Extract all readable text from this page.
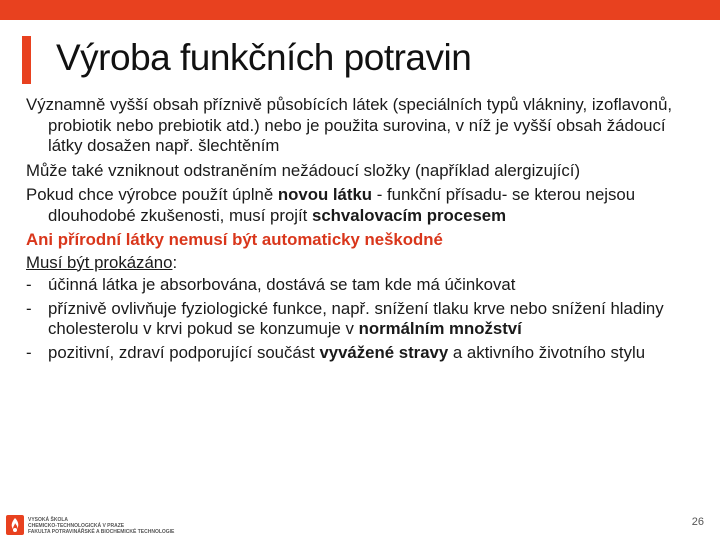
Výroba funkčních potravin

Významně vyšší obsah příznivě působících látek (speciálních typů vlákniny, izoflavonů, probiotik nebo prebiotik atd.) nebo je použita surovina, v níž je vyšší obsah žádoucí látky dosažen např. šlechtěním

Může také vzniknout odstraněním nežádoucí složky (například alergizující)

Pokud chce výrobce použít úplně novou látku - funkční přísadu- se kterou nejsou dlouhodobé zkušenosti, musí projít schvalovacím procesem

Ani přírodní látky nemusí být automaticky neškodné

Musí být prokázáno:

- účinná látka je absorbována, dostává se tam kde má účinkovat
- příznivě ovlivňuje fyziologické funkce, např. snížení tlaku krve nebo snížení hladiny cholesterolu v krvi pokud se konzumuje v normálním množství
- pozitivní, zdraví podporující součást vyvážené stravy a aktivního životního stylu
VYSOKÁ ŠKOLA
CHEMICKO-TECHNOLOGICKÁ V PRAZE
FAKULTA POTRAVINÁŘSKÉ A BIOCHEMICKÉ TECHNOLOGIE
26
